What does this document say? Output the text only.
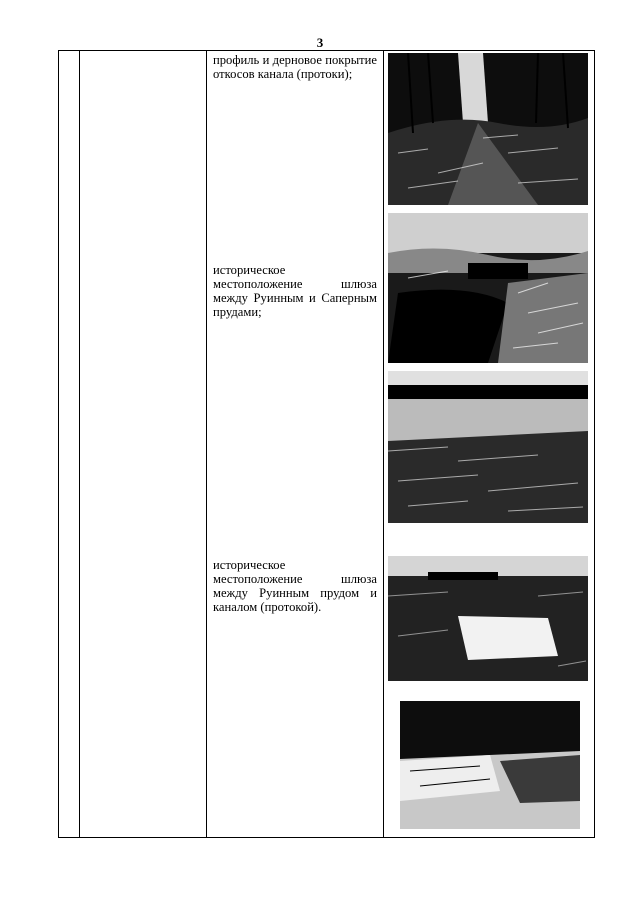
3

профиль и дерновое покрытие откосов канала (протоки);
историческое местоположение шлюза между Руинным и Саперным прудами;
историческое местоположение шлюза между Руинным прудом и каналом (протокой).
